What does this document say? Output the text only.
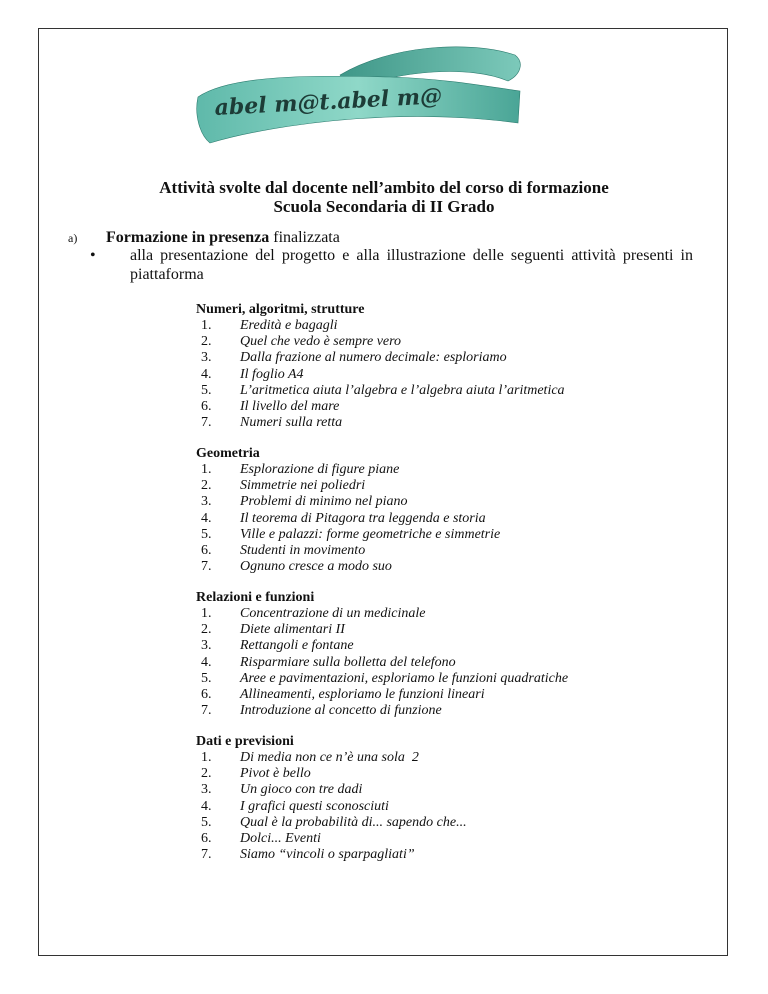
abel m@t.abel m@
Attività svolte dal docente nell’ambito del corso di formazione
Scuola Secondaria di II Grado
a) Formazione in presenza finalizzata
• alla presentazione del progetto e alla illustrazione delle seguenti attività presenti in piattaforma
Numeri, algoritmi, strutture
1. Eredità e bagagli
2. Quel che vedo è sempre vero
3. Dalla frazione al numero decimale: esploriamo
4. Il foglio A4
5. L’aritmetica aiuta l’algebra e l’algebra aiuta l’aritmetica
6. Il livello del mare
7. Numeri sulla retta
Geometria
1. Esplorazione di figure piane
2. Simmetrie nei poliedri
3. Problemi di minimo nel piano
4. Il teorema di Pitagora tra leggenda e storia
5. Ville e palazzi: forme geometriche e simmetrie
6. Studenti in movimento
7. Ognuno cresce a modo suo
Relazioni e funzioni
1. Concentrazione di un medicinale
2. Diete alimentari II
3. Rettangoli e fontane
4. Risparmiare sulla bolletta del telefono
5. Aree e pavimentazioni, esploriamo le funzioni quadratiche
6. Allineamenti, esploriamo le funzioni lineari
7. Introduzione al concetto di funzione
Dati e previsioni
1. Di media non ce n’è una sola  2
2. Pivot è bello
3. Un gioco con tre dadi
4. I grafici questi sconosciuti
5. Qual è la probabilità di... sapendo che...
6. Dolci... Eventi
7. Siamo “vincoli o sparpagliati”
